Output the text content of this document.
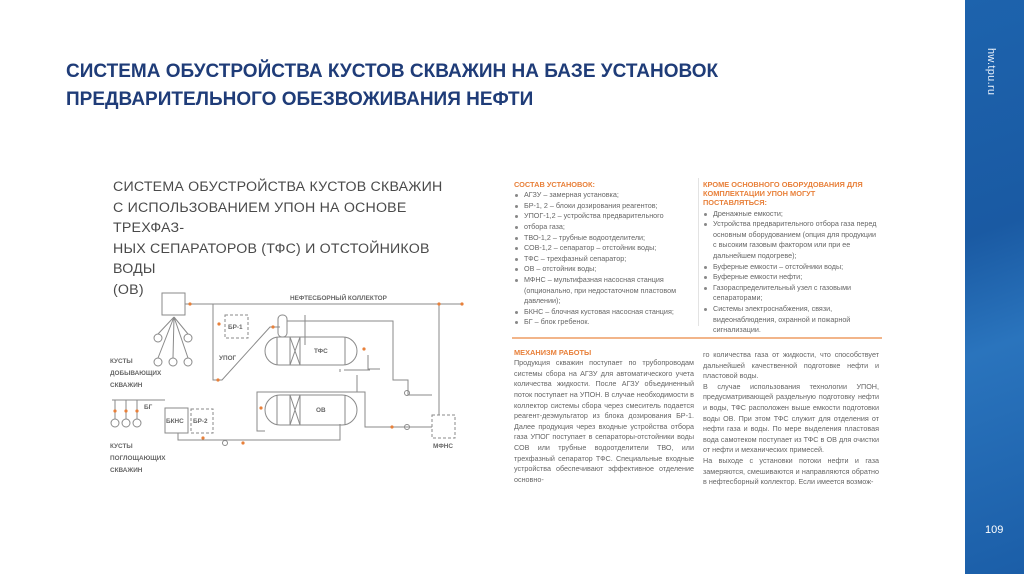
hw.tpu.ru
109
СИСТЕМА ОБУСТРОЙСТВА КУСТОВ СКВАЖИН НА БАЗЕ УСТАНОВОК
ПРЕДВАРИТЕЛЬНОГО ОБЕЗВОЖИВАНИЯ НЕФТИ
СИСТЕМА ОБУСТРОЙСТВА КУСТОВ СКВАЖИН
С ИСПОЛЬЗОВАНИЕМ УПОН НА ОСНОВЕ ТРЕХФАЗ-
НЫХ СЕПАРАТОРОВ (ТФС) И ОТСТОЙНИКОВ ВОДЫ
(ОВ)
НЕФТЕСБОРНЫЙ КОЛЛЕКТОР
БР-1
УПОГ
ТФС
ОВ
БКНС БР-2
БГ
МФНС
КУСТЫ
ДОБЫВАЮЩИХ
СКВАЖИН
КУСТЫ
ПОГЛОЩАЮЩИХ
СКВАЖИН
СОСТАВ УСТАНОВОК:
АГЗУ – замерная установка;
БР-1, 2 – блоки дозирования реагентов;
УПОГ-1,2 – устройства предварительного
отбора газа;
ТВО-1,2 – трубные водоотделители;
СОВ-1,2 – сепаратор – отстойник воды;
ТФС – трехфазный сепаратор;
ОВ – отстойник воды;
МФНС – мультифазная насосная станция (опционально, при недостаточном пластовом давлении);
БКНС – блочная кустовая насосная станция;
БГ – блок гребенок.
КРОМЕ ОСНОВНОГО ОБОРУДОВАНИЯ ДЛЯ КОМПЛЕКТАЦИИ УПОН МОГУТ ПОСТАВЛЯТЬСЯ:
Дренажные емкости;
Устройства предварительного отбора газа перед основным оборудованием (опция для продукции с высоким газовым фактором или при ее дальнейшем подогреве);
Буферные емкости – отстойники воды;
Буферные емкости нефти;
Газораспределительный узел с газовыми сепараторами;
Системы электроснабжения, связи, видеонаблюдения, охранной и пожарной сигнализации.
МЕХАНИЗМ РАБОТЫ

Продукция скважин поступает по трубопроводам системы сбора на АГЗУ для автоматического учета количества жидкости. После АГЗУ объединенный поток поступает на УПОН. В случае необходимости в коллектор системы сбора через смеситель подается реагент-деэмульгатор из блока дозирования БР-1. Далее продукция через входные устройства отбора газа УПОГ поступает в сепараторы-отстойники воды СОВ или трубные водоотделители ТВО, или трехфазный сепаратор ТФС. Специальные входные устройства обеспечивают эффективное отделение основно-

го количества газа от жидкости, что способствует дальнейшей качественной подготовке нефти и пластовой воды.

В случае использования технологии УПОН, предусматривающей раздельную подготовку нефти и воды, ТФС расположен выше емкости подготовки воды ОВ. При этом ТФС служит для отделения от нефти газа и воды. По мере выделения пластовая вода самотеком поступает из ТФС в ОВ для очистки от нефти и механических примесей.

На выходе с установки потоки нефти и газа замеряются, смешиваются и направляются обратно в нефтесборный коллектор. Если имеется возмож-
